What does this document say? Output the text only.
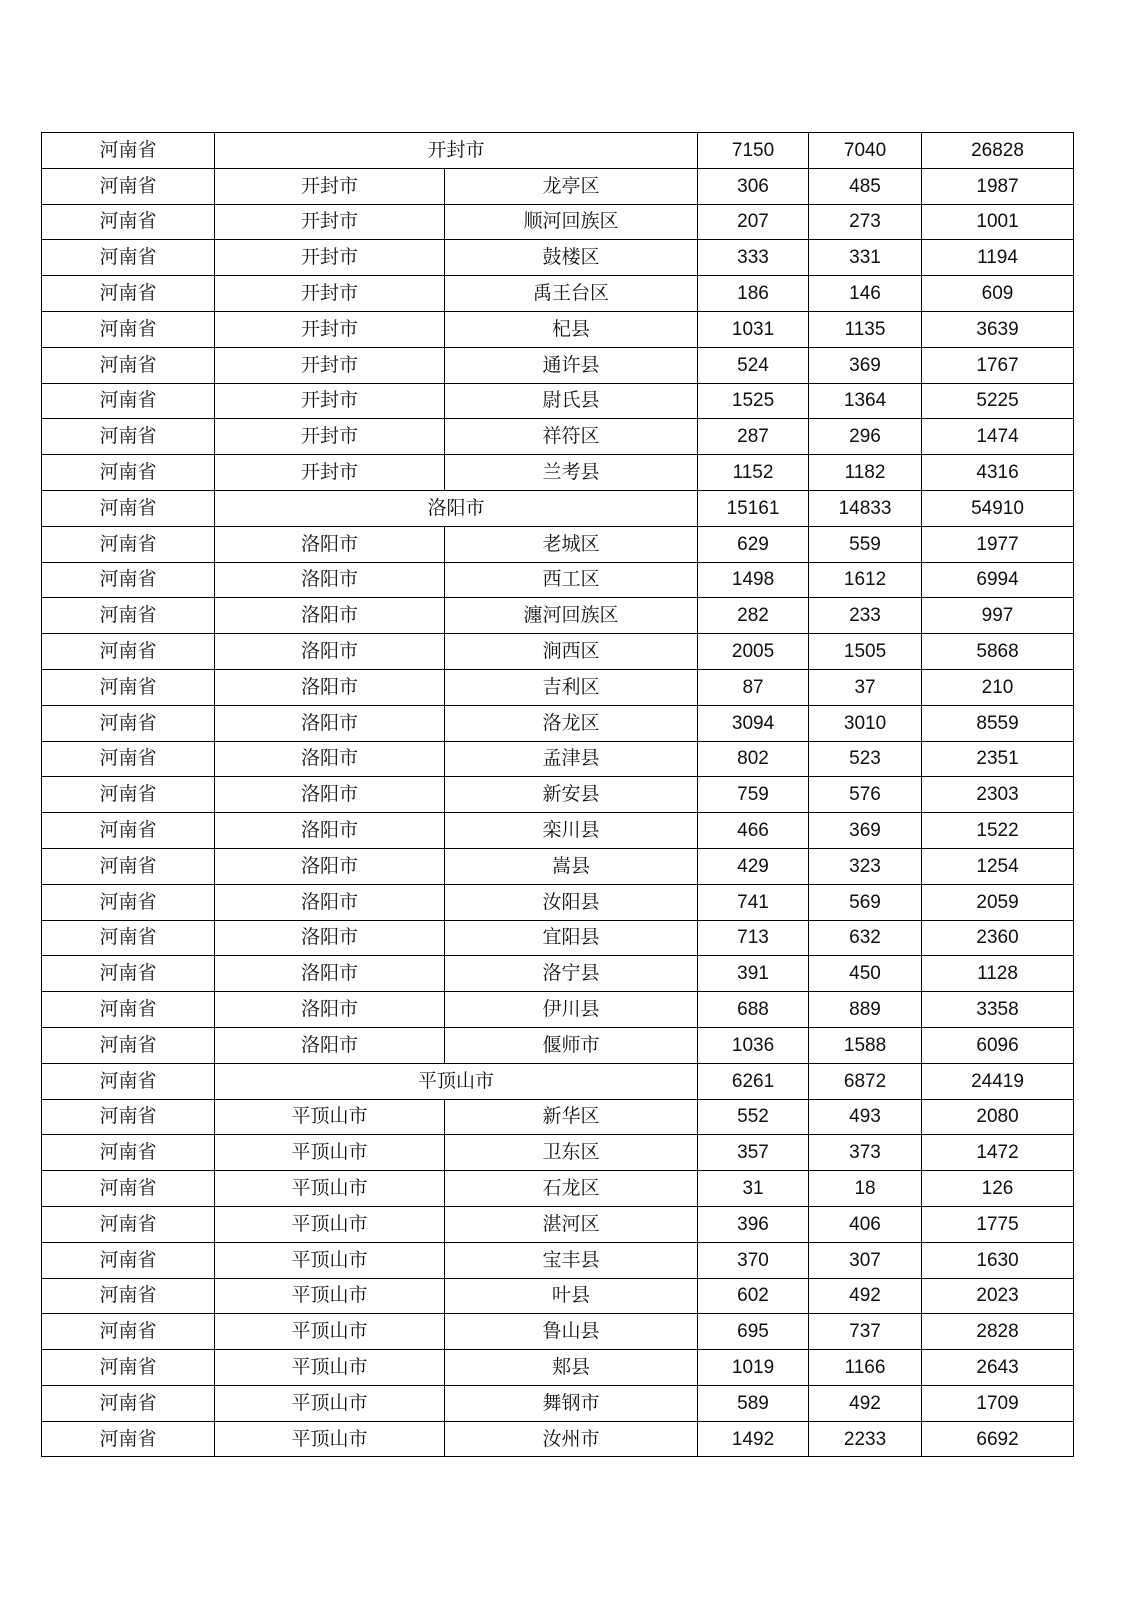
河南省	开封市		7150	7040	26828
河南省	开封市	龙亭区	306	485	1987
河南省	开封市	顺河回族区	207	273	1001
河南省	开封市	鼓楼区	333	331	1194
河南省	开封市	禹王台区	186	146	609
河南省	开封市	杞县	1031	1135	3639
河南省	开封市	通许县	524	369	1767
河南省	开封市	尉氏县	1525	1364	5225
河南省	开封市	祥符区	287	296	1474
河南省	开封市	兰考县	1152	1182	4316
河南省	洛阳市		15161	14833	54910
河南省	洛阳市	老城区	629	559	1977
河南省	洛阳市	西工区	1498	1612	6994
河南省	洛阳市	瀍河回族区	282	233	997
河南省	洛阳市	涧西区	2005	1505	5868
河南省	洛阳市	吉利区	87	37	210
河南省	洛阳市	洛龙区	3094	3010	8559
河南省	洛阳市	孟津县	802	523	2351
河南省	洛阳市	新安县	759	576	2303
河南省	洛阳市	栾川县	466	369	1522
河南省	洛阳市	嵩县	429	323	1254
河南省	洛阳市	汝阳县	741	569	2059
河南省	洛阳市	宜阳县	713	632	2360
河南省	洛阳市	洛宁县	391	450	1128
河南省	洛阳市	伊川县	688	889	3358
河南省	洛阳市	偃师市	1036	1588	6096
河南省	平顶山市		6261	6872	24419
河南省	平顶山市	新华区	552	493	2080
河南省	平顶山市	卫东区	357	373	1472
河南省	平顶山市	石龙区	31	18	126
河南省	平顶山市	湛河区	396	406	1775
河南省	平顶山市	宝丰县	370	307	1630
河南省	平顶山市	叶县	602	492	2023
河南省	平顶山市	鲁山县	695	737	2828
河南省	平顶山市	郏县	1019	1166	2643
河南省	平顶山市	舞钢市	589	492	1709
河南省	平顶山市	汝州市	1492	2233	6692
